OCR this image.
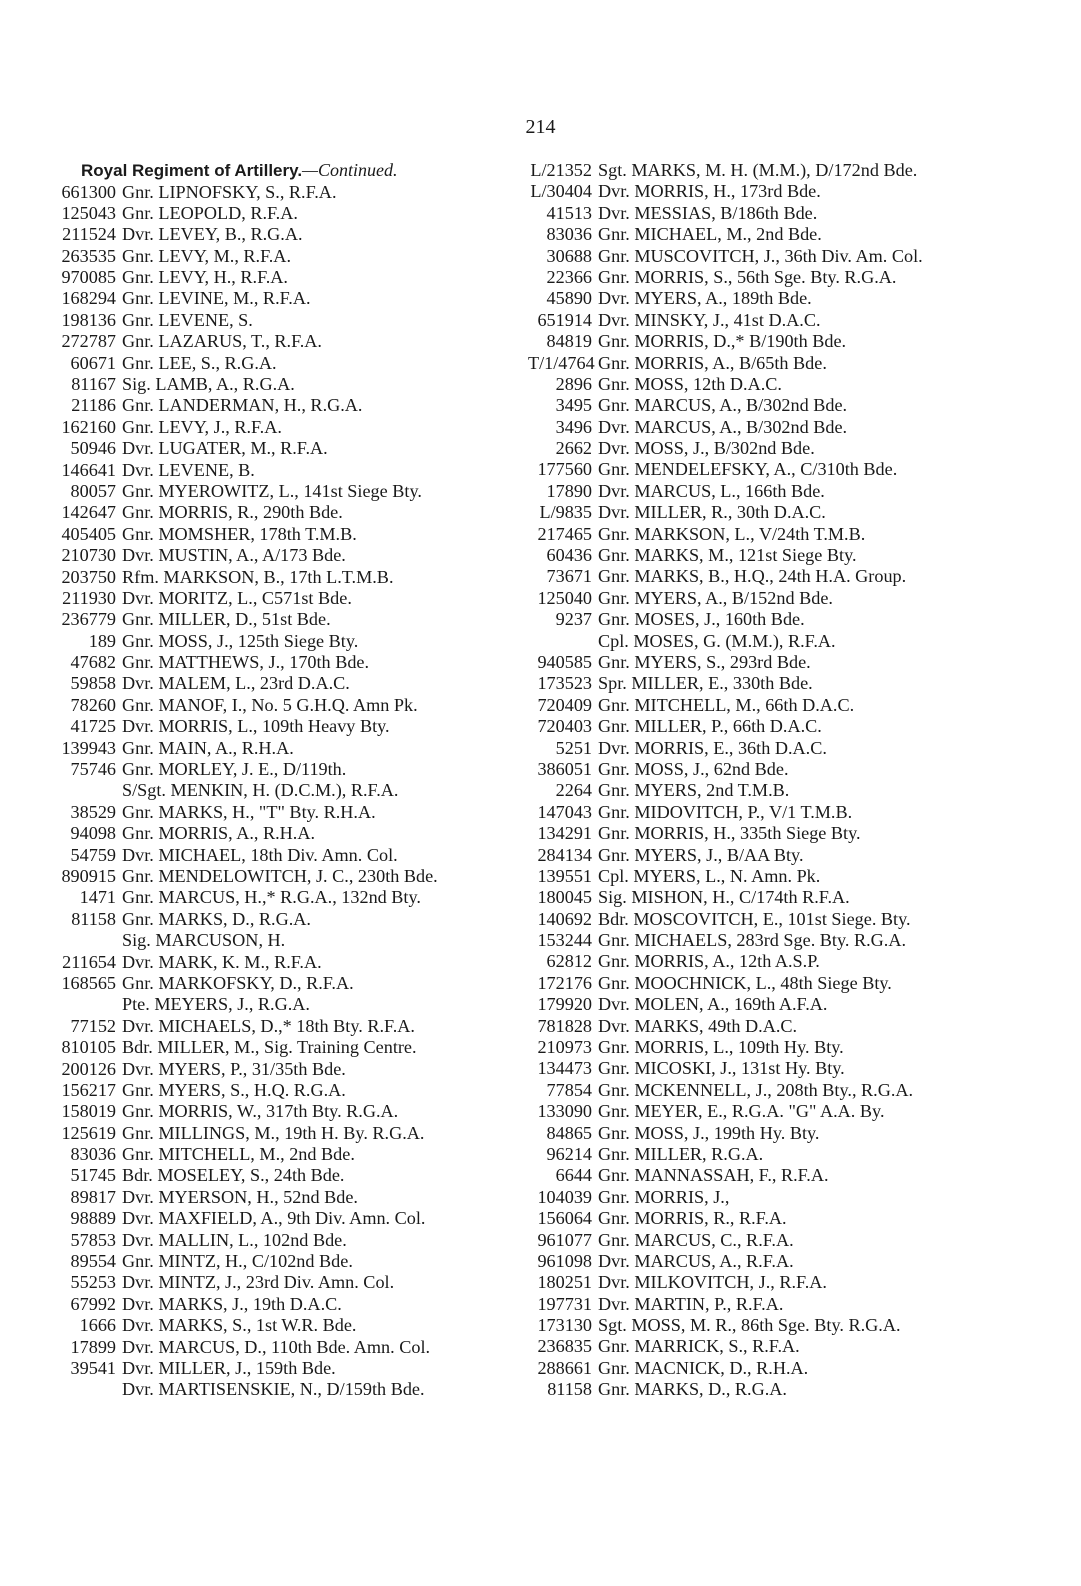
214
Royal Regiment of Artillery.—Continued.
661300 Gnr. LIPNOFSKY, S., R.F.A.
125043 Gnr. LEOPOLD, R.F.A.
211524 Dvr. LEVEY, B., R.G.A.
263535 Gnr. LEVY, M., R.F.A.
970085 Gnr. LEVY, H., R.F.A.
168294 Gnr. LEVINE, M., R.F.A.
198136 Gnr. LEVENE, S.
272787 Gnr. LAZARUS, T., R.F.A.
60671 Gnr. LEE, S., R.G.A.
81167 Sig. LAMB, A., R.G.A.
21186 Gnr. LANDERMAN, H., R.G.A.
162160 Gnr. LEVY, J., R.F.A.
50946 Dvr. LUGATER, M., R.F.A.
146641 Dvr. LEVENE, B.
80057 Gnr. MYEROWITZ, L., 141st Siege Bty.
142647 Gnr. MORRIS, R., 290th Bde.
405405 Gnr. MOMSHER, 178th T.M.B.
210730 Dvr. MUSTIN, A., A/173 Bde.
203750 Rfm. MARKSON, B., 17th L.T.M.B.
211930 Dvr. MORITZ, L., C571st Bde.
236779 Gnr. MILLER, D., 51st Bde.
189 Gnr. MOSS, J., 125th Siege Bty.
47682 Gnr. MATTHEWS, J., 170th Bde.
59858 Dvr. MALEM, L., 23rd D.A.C.
78260 Gnr. MANOF, I., No. 5 G.H.Q. Amn Pk.
41725 Dvr. MORRIS, L., 109th Heavy Bty.
139943 Gnr. MAIN, A., R.H.A.
75746 Gnr. MORLEY, J. E., D/119th.
S/Sgt. MENKIN, H. (D.C.M.), R.F.A.
38529 Gnr. MARKS, H., "T" Bty. R.H.A.
94098 Gnr. MORRIS, A., R.H.A.
54759 Dvr. MICHAEL, 18th Div. Amn. Col.
890915 Gnr. MENDELOWITCH, J. C., 230th Bde.
1471 Gnr. MARCUS, H.,* R.G.A., 132nd Bty.
81158 Gnr. MARKS, D., R.G.A.
Sig. MARCUSON, H.
211654 Dvr. MARK, K. M., R.F.A.
168565 Gnr. MARKOFSKY, D., R.F.A.
Pte. MEYERS, J., R.G.A.
77152 Dvr. MICHAELS, D.,* 18th Bty. R.F.A.
810105 Bdr. MILLER, M., Sig. Training Centre.
200126 Dvr. MYERS, P., 31/35th Bde.
156217 Gnr. MYERS, S., H.Q. R.G.A.
158019 Gnr. MORRIS, W., 317th Bty. R.G.A.
125619 Gnr. MILLINGS, M., 19th H. By. R.G.A.
83036 Gnr. MITCHELL, M., 2nd Bde.
51745 Bdr. MOSELEY, S., 24th Bde.
89817 Dvr. MYERSON, H., 52nd Bde.
98889 Dvr. MAXFIELD, A., 9th Div. Amn. Col.
57853 Dvr. MALLIN, L., 102nd Bde.
89554 Gnr. MINTZ, H., C/102nd Bde.
55253 Dvr. MINTZ, J., 23rd Div. Amn. Col.
67992 Dvr. MARKS, J., 19th D.A.C.
1666 Dvr. MARKS, S., 1st W.R. Bde.
17899 Dvr. MARCUS, D., 110th Bde. Amn. Col.
39541 Dvr. MILLER, J., 159th Bde.
Dvr. MARTISENSKIE, N., D/159th Bde.
L/21352 Sgt. MARKS, M. H. (M.M.), D/172nd Bde.
L/30404 Dvr. MORRIS, H., 173rd Bde.
41513 Dvr. MESSIAS, B/186th Bde.
83036 Gnr. MICHAEL, M., 2nd Bde.
30688 Gnr. MUSCOVITCH, J., 36th Div. Am. Col.
22366 Gnr. MORRIS, S., 56th Sge. Bty. R.G.A.
45890 Dvr. MYERS, A., 189th Bde.
651914 Dvr. MINSKY, J., 41st D.A.C.
84819 Gnr. MORRIS, D.,* B/190th Bde.
T/1/4764 Gnr. MORRIS, A., B/65th Bde.
2896 Gnr. MOSS, 12th D.A.C.
3495 Gnr. MARCUS, A., B/302nd Bde.
3496 Dvr. MARCUS, A., B/302nd Bde.
2662 Dvr. MOSS, J., B/302nd Bde.
177560 Gnr. MENDELEFSKY, A., C/310th Bde.
17890 Dvr. MARCUS, L., 166th Bde.
L/9835 Dvr. MILLER, R., 30th D.A.C.
217465 Gnr. MARKSON, L., V/24th T.M.B.
60436 Gnr. MARKS, M., 121st Siege Bty.
73671 Gnr. MARKS, B., H.Q., 24th H.A. Group.
125040 Gnr. MYERS, A., B/152nd Bde.
9237 Gnr. MOSES, J., 160th Bde.
Cpl. MOSES, G. (M.M.), R.F.A.
940585 Gnr. MYERS, S., 293rd Bde.
173523 Spr. MILLER, E., 330th Bde.
720409 Gnr. MITCHELL, M., 66th D.A.C.
720403 Gnr. MILLER, P., 66th D.A.C.
5251 Dvr. MORRIS, E., 36th D.A.C.
386051 Gnr. MOSS, J., 62nd Bde.
2264 Gnr. MYERS, 2nd T.M.B.
147043 Gnr. MIDOVITCH, P., V/1 T.M.B.
134291 Gnr. MORRIS, H., 335th Siege Bty.
284134 Gnr. MYERS, J., B/AA Bty.
139551 Cpl. MYERS, L., N. Amn. Pk.
180045 Sig. MISHON, H., C/174th R.F.A.
140692 Bdr. MOSCOVITCH, E., 101st Siege. Bty.
153244 Gnr. MICHAELS, 283rd Sge. Bty. R.G.A.
62812 Gnr. MORRIS, A., 12th A.S.P.
172176 Gnr. MOOCHNICK, L., 48th Siege Bty.
179920 Dvr. MOLEN, A., 169th A.F.A.
781828 Dvr. MARKS, 49th D.A.C.
210973 Gnr. MORRIS, L., 109th Hy. Bty.
134473 Gnr. MICOSKI, J., 131st Hy. Bty.
77854 Gnr. MCKENNELL, J., 208th Bty., R.G.A.
133090 Gnr. MEYER, E., R.G.A. "G" A.A. By.
84865 Gnr. MOSS, J., 199th Hy. Bty.
96214 Gnr. MILLER, R.G.A.
6644 Gnr. MANNASSAH, F., R.F.A.
104039 Gnr. MORRIS, J.,
156064 Gnr. MORRIS, R., R.F.A.
961077 Gnr. MARCUS, C., R.F.A.
961098 Dvr. MARCUS, A., R.F.A.
180251 Dvr. MILKOVITCH, J., R.F.A.
197731 Dvr. MARTIN, P., R.F.A.
173130 Sgt. MOSS, M. R., 86th Sge. Bty. R.G.A.
236835 Gnr. MARRICK, S., R.F.A.
288661 Gnr. MACNICK, D., R.H.A.
81158 Gnr. MARKS, D., R.G.A.
